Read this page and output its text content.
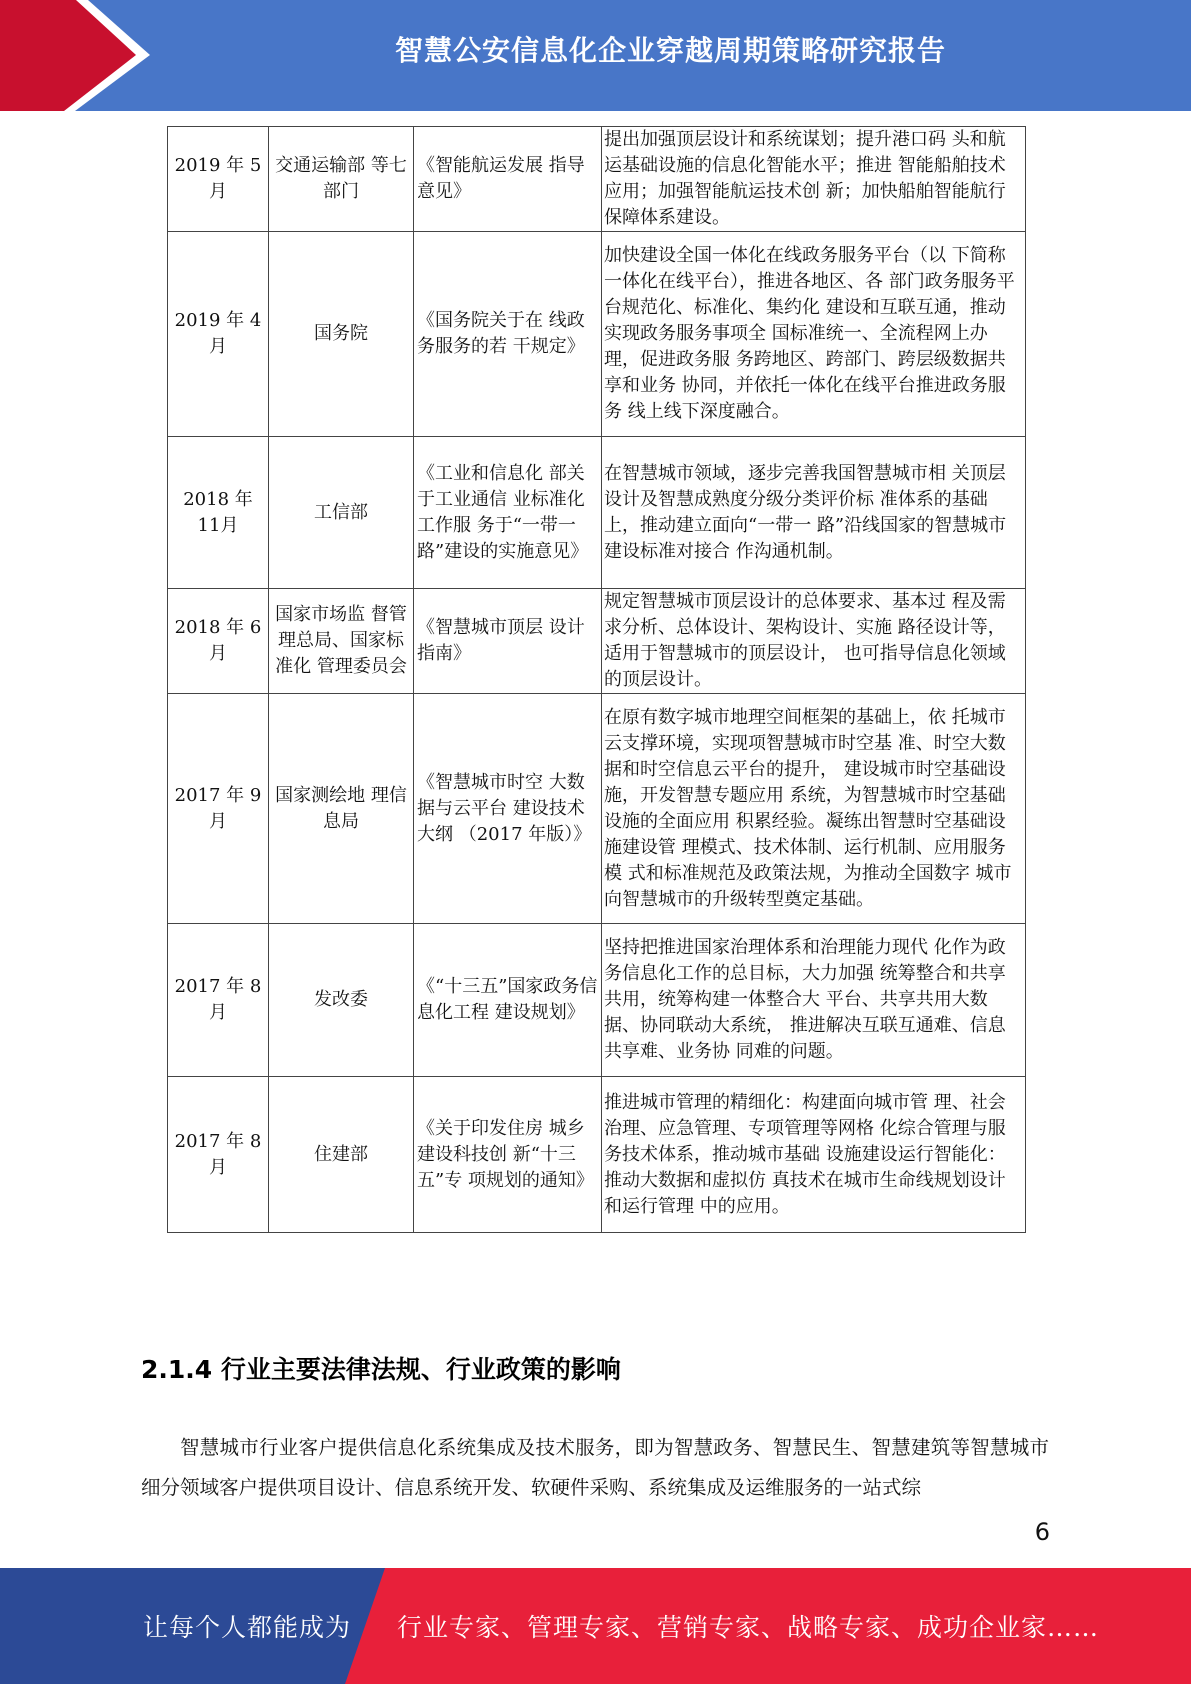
智慧公安信息化企业穿越周期策略研究报告
2019 年 5月	交通运输部 等七部门	《智能航运发展 指导意见》	提出加强顶层设计和系统谋划；提升港口码 头和航运基础设施的信息化智能水平；推进 智能船舶技术应用；加强智能航运技术创 新；加快船舶智能航行保障体系建设。
2019 年 4月	国务院	《国务院关于在 线政务服务的若 干规定》	加快建设全国一体化在线政务服务平台（以 下简称一体化在线平台），推进各地区、各 部门政务服务平台规范化、标准化、集约化 建设和互联互通，推动实现政务服务事项全 国标准统一、全流程网上办理，促进政务服 务跨地区、跨部门、跨层级数据共享和业务 协同，并依托一体化在线平台推进政务服务 线上线下深度融合。
2018 年 11月	工信部	《工业和信息化 部关于工业通信 业标准化工作服 务于“一带一 路”建设的实施意见》	在智慧城市领域，逐步完善我国智慧城市相 关顶层设计及智慧成熟度分级分类评价标 准体系的基础上，推动建立面向“一带一 路”沿线国家的智慧城市建设标准对接合 作沟通机制。
2018 年 6月	国家市场监 督管理总局、国家标准化 管理委员会	《智慧城市顶层 设计指南》	规定智慧城市顶层设计的总体要求、基本过 程及需求分析、总体设计、架构设计、实施 路径设计等，适用于智慧城市的顶层设计， 也可指导信息化领域的顶层设计。
2017 年 9月	国家测绘地 理信息局	《智慧城市时空 大数据与云平台 建设技术大纲 （2017 年版）》	在原有数字城市地理空间框架的基础上，依 托城市云支撑环境，实现项智慧城市时空基 准、时空大数据和时空信息云平台的提升， 建设城市时空基础设施，开发智慧专题应用 系统，为智慧城市时空基础设施的全面应用 积累经验。凝练出智慧时空基础设施建设管 理模式、技术体制、运行机制、应用服务模 式和标准规范及政策法规，为推动全国数字 城市向智慧城市的升级转型奠定基础。
2017 年 8月	发改委	《“十三五”国家政务信息化工程 建设规划》	坚持把推进国家治理体系和治理能力现代 化作为政务信息化工作的总目标，大力加强 统筹整合和共享共用，统筹构建一体整合大 平台、共享共用大数据、协同联动大系统， 推进解决互联互通难、信息共享难、业务协 同难的问题。
2017 年 8月	住建部	《关于印发住房 城乡建设科技创 新“十三五”专 项规划的通知》	推进城市管理的精细化：构建面向城市管 理、社会治理、应急管理、专项管理等网格 化综合管理与服务技术体系，推动城市基础 设施建设运行智能化：推动大数据和虚拟仿 真技术在城市生命线规划设计和运行管理 中的应用。
2.1.4 行业主要法律法规、行业政策的影响
智慧城市行业客户提供信息化系统集成及技术服务，即为智慧政务、智慧民生、智慧建筑等智慧城市细分领域客户提供项目设计、信息系统开发、软硬件采购、系统集成及运维服务的一站式综
6
让每个人都能成为 行业专家、管理专家、营销专家、战略专家、成功企业家……
